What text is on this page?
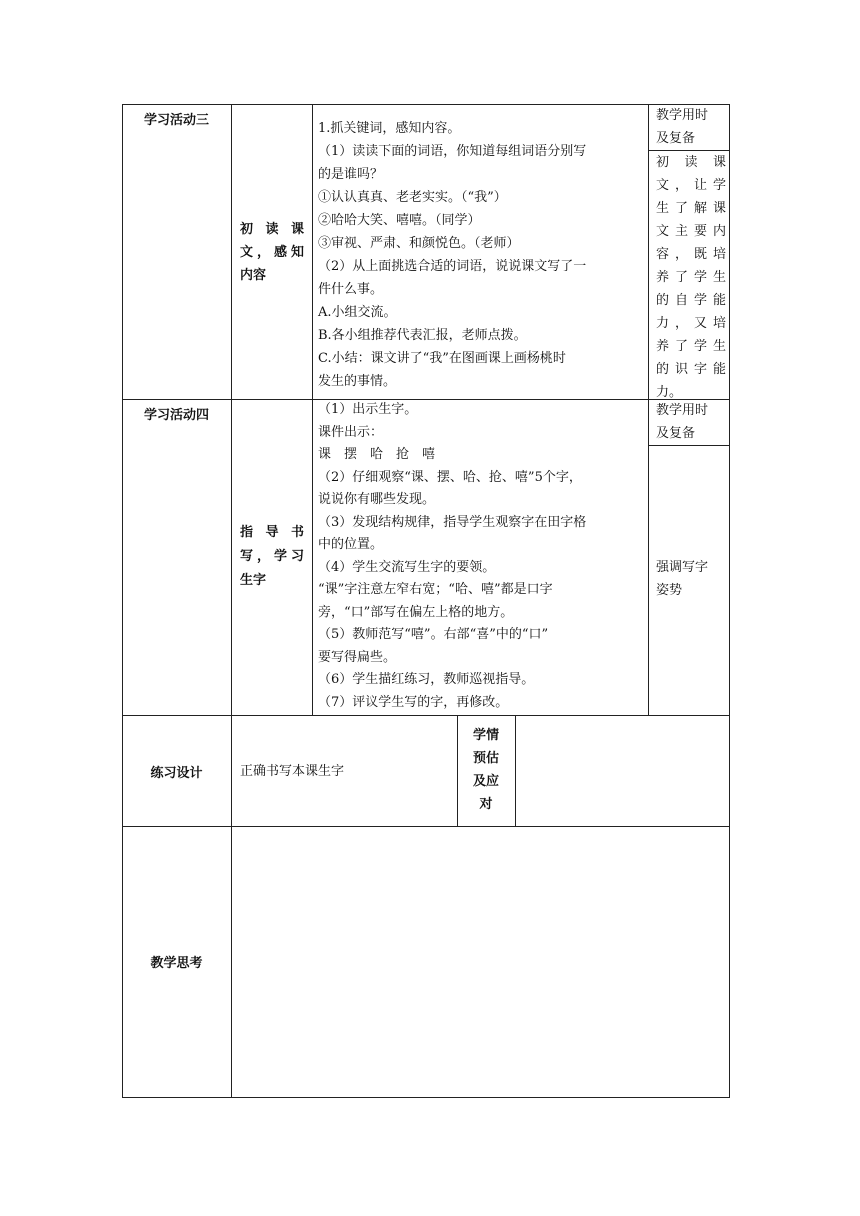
学习活动三
初 读 课
文，感知
内容
1.抓关键词，感知内容。
（1）读读下面的词语，你知道每组词语分别写
的是谁吗？
①认认真真、老老实实。（“我”）
②哈哈大笑、嘻嘻。（同学）
③审视、严肃、和颜悦色。（老师）
（2）从上面挑选合适的词语，说说课文写了一
件什么事。
A.小组交流。
B.各小组推荐代表汇报，老师点拨。
C.小结：课文讲了“我”在图画课上画杨桃时
发生的事情。
教学用时
及复备
初 读 课
文，让学
生了解课
文主要内
容，既培
养了学生
的自学能
力，又培
养了学生
的识字能
力。
学习活动四
指 导 书
写，学习
生字
（1）出示生字。
课件出示：
课　摆　哈　抢　嘻
（2）仔细观察“课、摆、哈、抢、嘻”5个字，
说说你有哪些发现。
（3）发现结构规律，指导学生观察字在田字格
中的位置。
（4）学生交流写生字的要领。
“课”字注意左窄右宽；“哈、嘻”都是口字
旁，“口”部写在偏左上格的地方。
（5）教师范写“嘻”。右部“喜”中的“口”
要写得扁些。
（6）学生描红练习，教师巡视指导。
（7）评议学生写的字，再修改。
教学用时
及复备
强调写字
姿势
练习设计	正确书写本课生字
学情
预估
及应
对
教学思考
